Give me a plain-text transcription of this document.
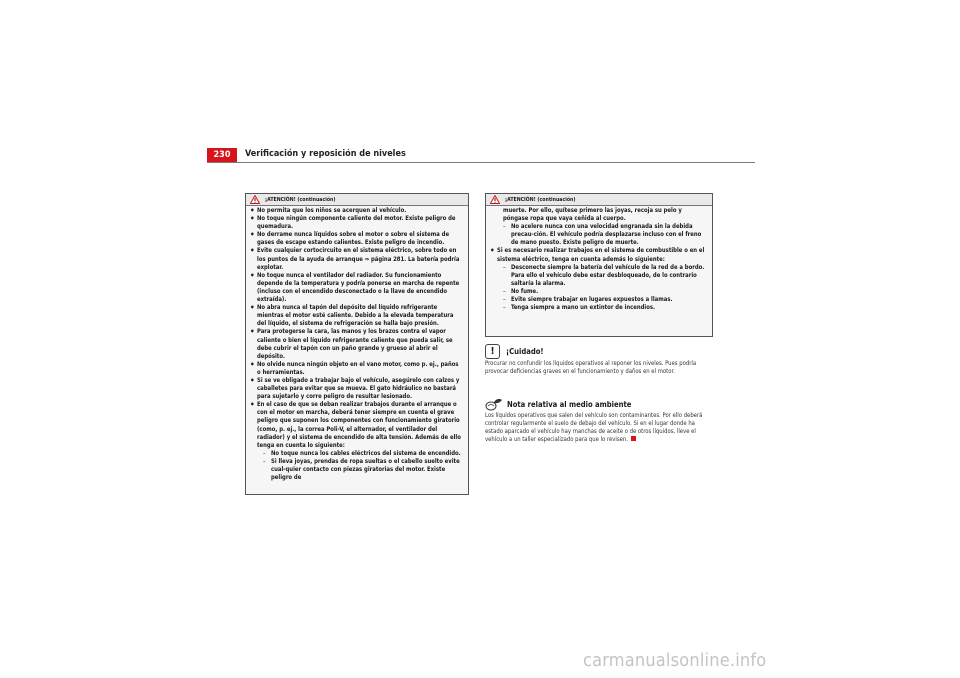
230	Verificación y reposición de niveles
¡ATENCIÓN! (continuación)
• No permita que los niños se acerquen al vehículo.
• No toque ningún componente caliente del motor. Existe peligro de quemadura.
• No derrame nunca líquidos sobre el motor o sobre el sistema de gases de escape estando calientes. Existe peligro de incendio.
• Evite cualquier cortocircuito en el sistema eléctrico, sobre todo en los puntos de la ayuda de arranque ⇒ página 281. La batería podría explotar.
• No toque nunca el ventilador del radiador. Su funcionamiento depende de la temperatura y podría ponerse en marcha de repente (incluso con el encendido desconectado o la llave de encendido extraída).
• No abra nunca el tapón del depósito del líquido refrigerante mientras el motor esté caliente. Debido a la elevada temperatura del líquido, el sistema de refrigeración se halla bajo presión.
• Para protegerse la cara, las manos y los brazos contra el vapor caliente o bien el líquido refrigerante caliente que pueda salir, se debe cubrir el tapón con un paño grande y grueso al abrir el depósito.
• No olvide nunca ningún objeto en el vano motor, como p. ej., paños o herramientas.
• Si se ve obligado a trabajar bajo el vehículo, asegúrelo con calzos y caballetes para evitar que se mueva. El gato hidráulico no bastará para sujetarlo y corre peligro de resultar lesionado.
• En el caso de que se deban realizar trabajos durante el arranque o con el motor en marcha, deberá tener siempre en cuenta el grave peligro que suponen los componentes con funcionamiento giratorio (como, p. ej., la correa Poli-V, el alternador, el ventilador del radiador) y el sistema de encendido de alta tensión. Además de ello tenga en cuenta lo siguiente:
– No toque nunca los cables eléctricos del sistema de encendido.
– Si lleva joyas, prendas de ropa sueltas o el cabello suelto evite cual-quier contacto con piezas giratorias del motor. Existe peligro de
¡ATENCIÓN! (continuación)
muerte. Por ello, quítese primero las joyas, recoja su pelo y póngase ropa que vaya ceñida al cuerpo.
– No acelere nunca con una velocidad engranada sin la debida precau-ción. El vehículo podría desplazarse incluso con el freno de mano puesto. Existe peligro de muerte.
• Si es necesario realizar trabajos en el sistema de combustible o en el sistema eléctrico, tenga en cuenta además lo siguiente:
– Desconecte siempre la batería del vehículo de la red de a bordo. Para ello el vehículo debe estar desbloqueado, de lo contrario saltaría la alarma.
– No fume.
– Evite siempre trabajar en lugares expuestos a llamas.
– Tenga siempre a mano un extintor de incendios.
!	¡Cuidado!
Procurar no confundir los líquidos operativos al reponer los niveles. Pues podría provocar deficiencias graves en el funcionamiento y daños en el motor.
Nota relativa al medio ambiente
Los líquidos operativos que salen del vehículo son contaminantes. Por ello deberá controlar regularmente el suelo de debajo del vehículo. Si en el lugar donde ha estado aparcado el vehículo hay manchas de aceite o de otros líquidos, lleve el vehículo a un taller especializado para que lo revisen.
carmanualsonline.info
